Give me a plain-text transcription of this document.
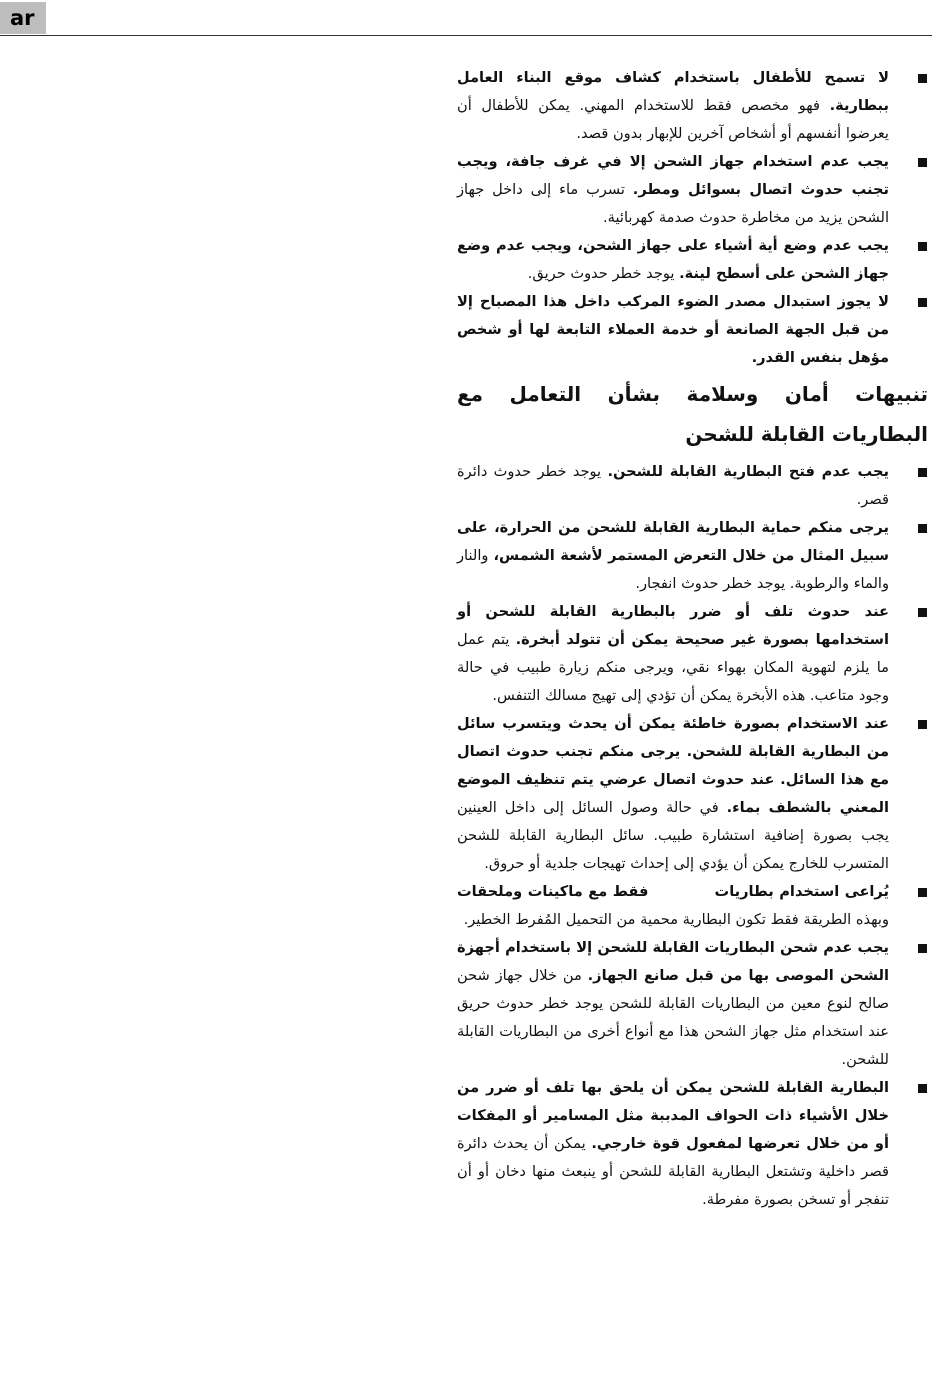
ar

لا تسمح للأطفال باستخدام كشاف موقع البناء العامل ببطارية. فهو مخصص فقط للاستخدام المهني. يمكن للأطفال أن يعرضوا أنفسهم أو أشخاص آخرين للإبهار بدون قصد.

يجب عدم استخدام جهاز الشحن إلا في غرف جافة، ويجب تجنب حدوث اتصال بسوائل ومطر. تسرب ماء إلى داخل جهاز الشحن يزيد من مخاطرة حدوث صدمة كهربائية.

يجب عدم وضع أية أشياء على جهاز الشحن، ويجب عدم وضع جهاز الشحن على أسطح لينة. يوجد خطر حدوث حريق.

لا يجوز استبدال مصدر الضوء المركب داخل هذا المصباح إلا من قبل الجهة الصانعة أو خدمة العملاء التابعة لها أو شخص مؤهل بنفس القدر.

تنبيهات أمان وسلامة بشأن التعامل مع البطاريات القابلة للشحن

يجب عدم فتح البطارية القابلة للشحن. يوجد خطر حدوث دائرة قصر.

يرجى منكم حماية البطارية القابلة للشحن من الحرارة، على سبيل المثال من خلال التعرض المستمر لأشعة الشمس، والنار والماء والرطوبة. يوجد خطر حدوث انفجار.

عند حدوث تلف أو ضرر بالبطارية القابلة للشحن أو استخدامها بصورة غير صحيحة يمكن أن تتولد أبخرة. يتم عمل ما يلزم لتهوية المكان بهواء نقي، ويرجى منكم زيارة طبيب في حالة وجود متاعب. هذه الأبخرة يمكن أن تؤدي إلى تهيج مسالك التنفس.

عند الاستخدام بصورة خاطئة يمكن أن يحدث ويتسرب سائل من البطارية القابلة للشحن. يرجى منكم تجنب حدوث اتصال مع هذا السائل. عند حدوث اتصال عرضي يتم تنظيف الموضع المعني بالشطف بماء. في حالة وصول السائل إلى داخل العينين يجب بصورة إضافية استشارة طبيب. سائل البطارية القابلة للشحن المتسرب للخارج يمكن أن يؤدي إلى إحداث تهيجات جلدية أو حروق.

يُراعى استخدام بطاريات            فقط مع ماكينات وملحقات          وبهذه الطريقة فقط تكون البطارية محمية من التحميل المُفرط الخطير.

يجب عدم شحن البطاريات القابلة للشحن إلا باستخدام أجهزة الشحن الموصى بها من قبل صانع الجهاز. من خلال جهاز شحن صالح لنوع معين من البطاريات القابلة للشحن يوجد خطر حدوث حريق عند استخدام مثل جهاز الشحن هذا مع أنواع أخرى من البطاريات القابلة للشحن.

البطارية القابلة للشحن يمكن أن يلحق بها تلف أو ضرر من خلال الأشياء ذات الحواف المدببة مثل المسامير أو المفكات أو من خلال تعرضها لمفعول قوة خارجي. يمكن أن يحدث دائرة قصر داخلية وتشتعل البطارية القابلة للشحن أو ينبعث منها دخان أو أن تنفجر أو تسخن بصورة مفرطة.
